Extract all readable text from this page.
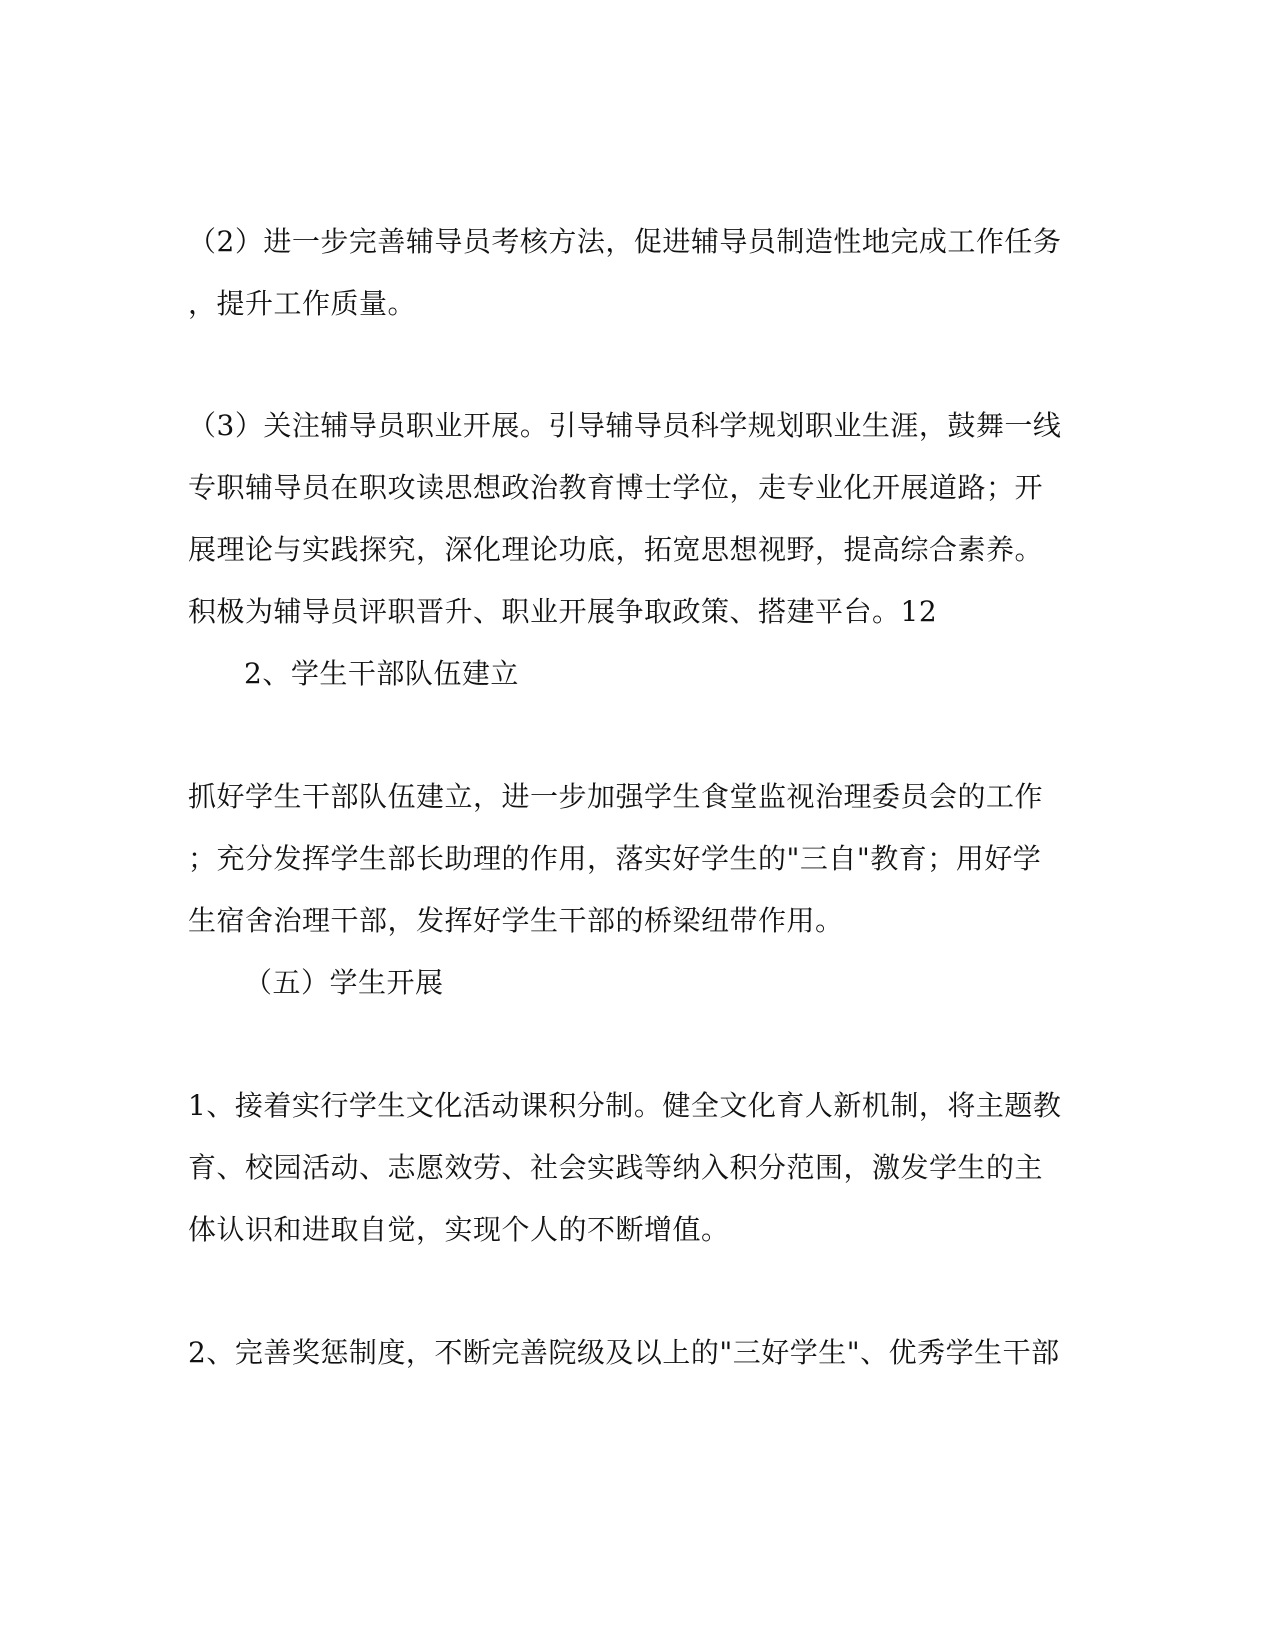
（2）进一步完善辅导员考核方法，促进辅导员制造性地完成工作任务
，提升工作质量。
（3）关注辅导员职业开展。引导辅导员科学规划职业生涯，鼓舞一线
专职辅导员在职攻读思想政治教育博士学位，走专业化开展道路；开
展理论与实践探究，深化理论功底，拓宽思想视野，提高综合素养。
积极为辅导员评职晋升、职业开展争取政策、搭建平台。12
2、学生干部队伍建立
抓好学生干部队伍建立，进一步加强学生食堂监视治理委员会的工作
；充分发挥学生部长助理的作用，落实好学生的"三自"教育；用好学
生宿舍治理干部，发挥好学生干部的桥梁纽带作用。
（五）学生开展
1、接着实行学生文化活动课积分制。健全文化育人新机制，将主题教
育、校园活动、志愿效劳、社会实践等纳入积分范围，激发学生的主
体认识和进取自觉，实现个人的不断增值。
2、完善奖惩制度，不断完善院级及以上的"三好学生"、优秀学生干部
